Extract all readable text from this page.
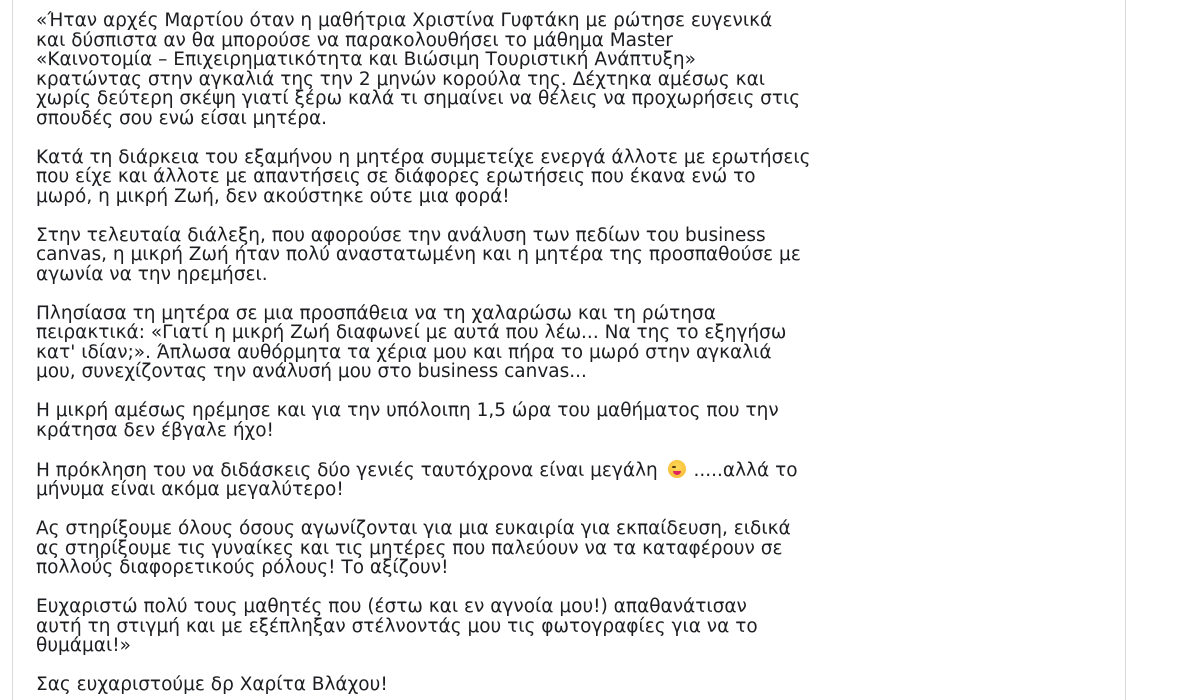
«Ήταν αρχές Μαρτίου όταν η μαθήτρια Χριστίνα Γυφτάκη με ρώτησε ευγενικά
και δύσπιστα αν θα μπορούσε να παρακολουθήσει το μάθημα Master
«Καινοτομία – Επιχειρηματικότητα και Βιώσιμη Τουριστική Ανάπτυξη»
κρατώντας στην αγκαλιά της την 2 μηνών κορούλα της. Δέχτηκα αμέσως και
χωρίς δεύτερη σκέψη γιατί ξέρω καλά τι σημαίνει να θέλεις να προχωρήσεις στις
σπουδές σου ενώ είσαι μητέρα.

Κατά τη διάρκεια του εξαμήνου η μητέρα συμμετείχε ενεργά άλλοτε με ερωτήσεις
που είχε και άλλοτε με απαντήσεις σε διάφορες ερωτήσεις που έκανα ενώ το
μωρό, η μικρή Ζωή, δεν ακούστηκε ούτε μια φορά!

Στην τελευταία διάλεξη, που αφορούσε την ανάλυση των πεδίων του business
canvas, η μικρή Ζωή ήταν πολύ αναστατωμένη και η μητέρα της προσπαθούσε με
αγωνία να την ηρεμήσει.

Πλησίασα τη μητέρα σε μια προσπάθεια να τη χαλαρώσω και τη ρώτησα
πειρακτικά: «Γιατί η μικρή Ζωή διαφωνεί με αυτά που λέω... Να της το εξηγήσω
κατ' ιδίαν;». Άπλωσα αυθόρμητα τα χέρια μου και πήρα το μωρό στην αγκαλιά
μου, συνεχίζοντας την ανάλυσή μου στο business canvas...

Η μικρή αμέσως ηρέμησε και για την υπόλοιπη 1,5 ώρα του μαθήματος που την
κράτησα δεν έβγαλε ήχο!

Η πρόκληση του να διδάσκεις δύο γενιές ταυτόχρονα είναι μεγάλη  .....αλλά το
μήνυμα είναι ακόμα μεγαλύτερο!

Ας στηρίξουμε όλους όσους αγωνίζονται για μια ευκαιρία για εκπαίδευση, ειδικά
ας στηρίξουμε τις γυναίκες και τις μητέρες που παλεύουν να τα καταφέρουν σε
πολλούς διαφορετικούς ρόλους! Το αξίζουν!

Ευχαριστώ πολύ τους μαθητές που (έστω και εν αγνοία μου!) απαθανάτισαν
αυτή τη στιγμή και με εξέπληξαν στέλνοντάς μου τις φωτογραφίες για να το
θυμάμαι!»

Σας ευχαριστούμε δρ Χαρίτα Βλάχου!
